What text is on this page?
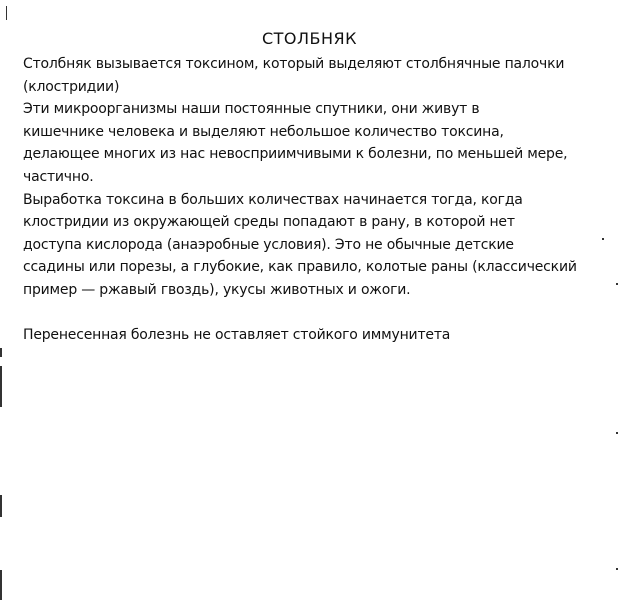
СТОЛБНЯК

Столбняк вызывается токсином, который выделяют столбнячные палочки

(клостридии)

Эти микроорганизмы наши постоянные спутники, они живут в

кишечнике человека и выделяют небольшое количество токсина,

делающее многих из нас невосприимчивыми к болезни, по меньшей мере,

частично.

Выработка токсина в больших количествах начинается тогда, когда

клостридии из окружающей среды попадают в рану, в которой нет

доступа кислорода (анаэробные условия). Это не обычные детские

ссадины или порезы, а глубокие, как правило, колотые раны (классический

пример — ржавый гвоздь), укусы животных и ожоги.

Перенесенная болезнь не оставляет стойкого иммунитета
